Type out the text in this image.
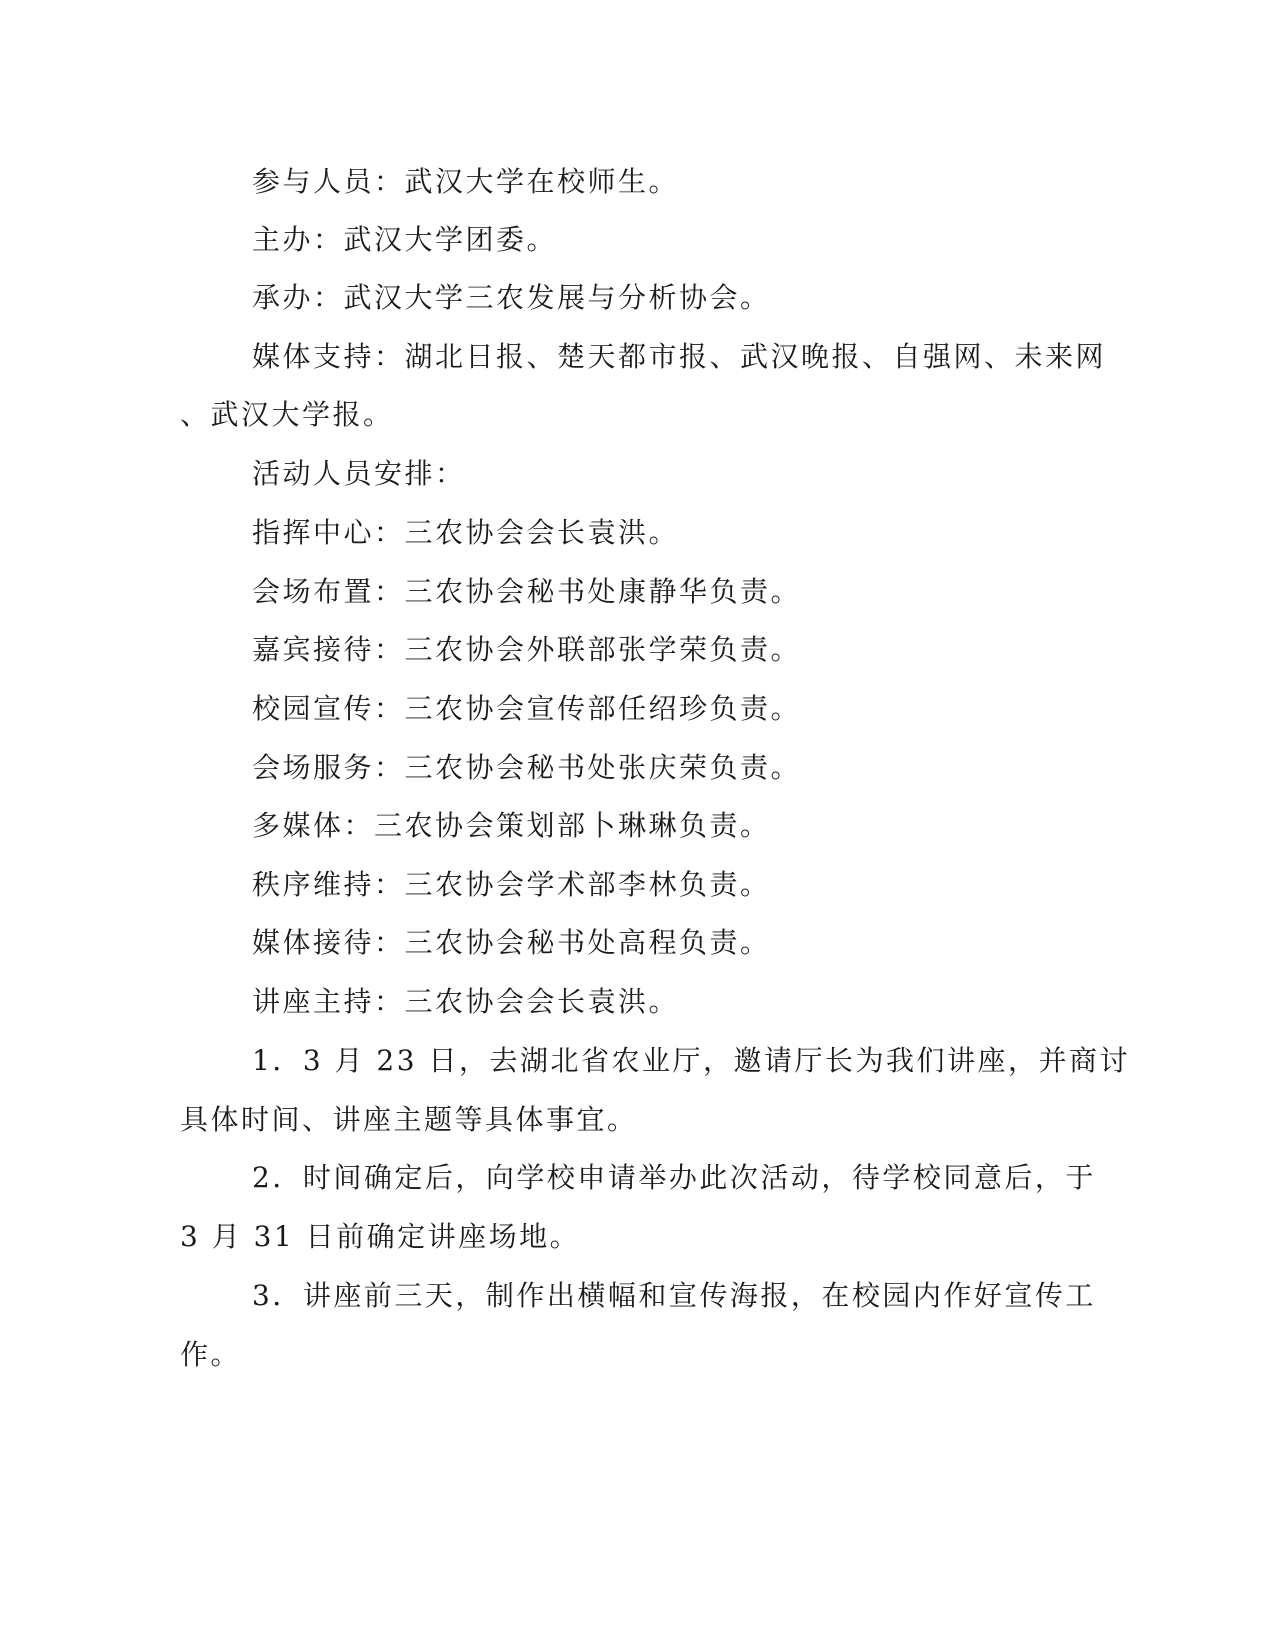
参与人员：武汉大学在校师生。
主办：武汉大学团委。
承办：武汉大学三农发展与分析协会。
媒体支持：湖北日报、楚天都市报、武汉晚报、自强网、未来网
、武汉大学报。
活动人员安排：
指挥中心：三农协会会长袁洪。
会场布置：三农协会秘书处康静华负责。
嘉宾接待：三农协会外联部张学荣负责。
校园宣传：三农协会宣传部任绍珍负责。
会场服务：三农协会秘书处张庆荣负责。
多媒体：三农协会策划部卜琳琳负责。
秩序维持：三农协会学术部李林负责。
媒体接待：三农协会秘书处高程负责。
讲座主持：三农协会会长袁洪。
1．3 月 23 日，去湖北省农业厅，邀请厅长为我们讲座，并商讨
具体时间、讲座主题等具体事宜。
2．时间确定后，向学校申请举办此次活动，待学校同意后，于
3 月 31 日前确定讲座场地。
3．讲座前三天，制作出横幅和宣传海报，在校园内作好宣传工
作。
